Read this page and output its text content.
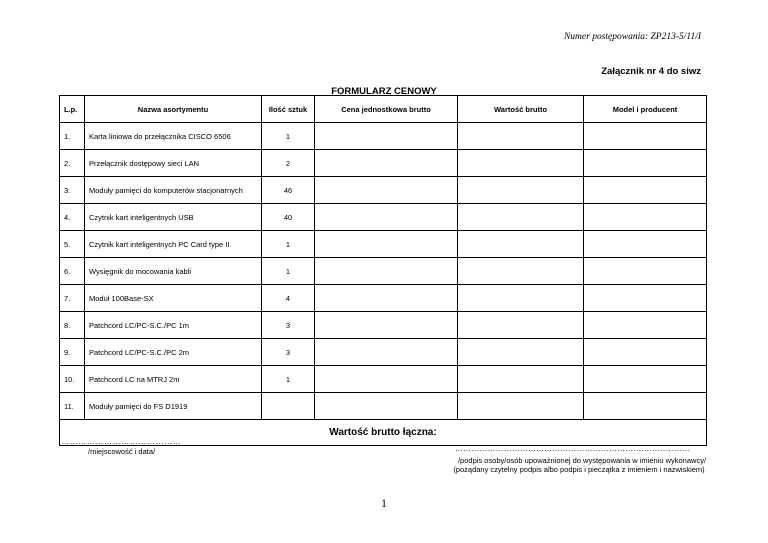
Numer postępowania: ZP213-5/11/I
Załącznik nr 4 do siwz
FORMULARZ CENOWY
L.p.	Nazwa asortymentu	Ilość sztuk	Cena jednostkowa brutto	Wartość brutto	Model i producent
1.	Karta liniowa do przełącznika CISCO 6506	1			
2.	Przełącznik dostępowy sieci LAN	2			
3.	Moduły pamięci do komputerów stacjonarnych	46			
4.	Czytnik kart inteligentnych USB	40			
5.	Czytnik kart inteligentnych PC Card type II	1			
6.	Wysięgnik do mocowania kabli	1			
7.	Moduł 100Base-SX	4			
8.	Patchcord LC/PC-S.C./PC 1m	3			
9.	Patchcord LC/PC-S.C./PC 2m	3			
10.	Patchcord LC na MTRJ 2m	1			
11.	Moduły pamięci do FS D1919				
Wartość brutto łączna:					
……………………………………
/miejscowość i data/	……………………………………………………………………………
/podpis osoby/osób upoważnionej do występowania w imieniu wykonawcy/
(pożądany czytelny podpis albo podpis i pieczątka z imieniem i nazwiskiem)
1
